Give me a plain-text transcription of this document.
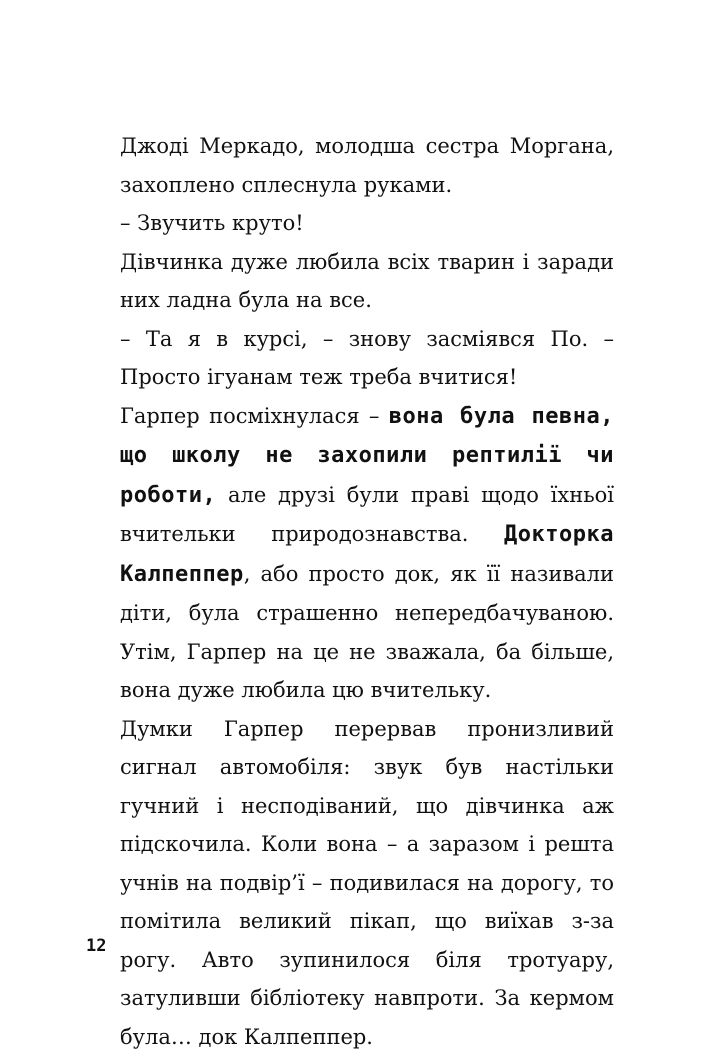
Джоді Меркадо, молодша сестра Моргана, захоплено сплеснула руками.

– Звучить круто!

Дівчинка дуже любила всіх тварин і заради них ладна була на все.

– Та я в курсі, – знову засміявся По. – Просто ігуанам теж треба вчитися!

Гарпер посміхнулася – вона була певна, що школу не захопили рептилії чи роботи, але друзі були праві щодо їхньої вчительки природознавства. Докторка Калпеппер, або просто док, як її називали діти, була страшенно непередбачуваною. Утім, Гарпер на це не зважала, ба більше, вона дуже любила цю вчительку.

Думки Гарпер перервав пронизливий сигнал автомобіля: звук був настільки гучний і несподіваний, що дівчинка аж підскочила. Коли вона – а заразом і решта учнів на подвір’ї – подивилася на дорогу, то помітила великий пікап, що виїхав з-за рогу. Авто зупинилося біля тротуару, затуливши бібліотеку навпроти. За кермом була… док Калпеппер.

12
